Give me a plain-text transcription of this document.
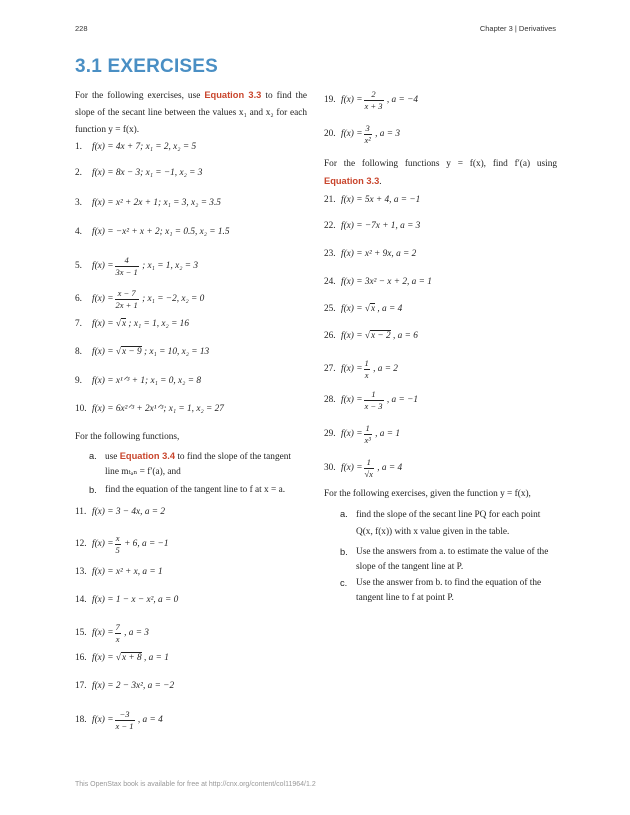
228	Chapter 3 | Derivatives
3.1 EXERCISES
For the following exercises, use Equation 3.3 to find the slope of the secant line between the values x₁ and x₂ for each function y = f(x).
1. f(x) = 4x + 7; x₁ = 2, x₂ = 5
2. f(x) = 8x − 3; x₁ = −1, x₂ = 3
3. f(x) = x² + 2x + 1; x₁ = 3, x₂ = 3.5
4. f(x) = −x² + x + 2; x₁ = 0.5, x₂ = 1.5
5. $f(x) = \frac{4}{3x - 1}$ ; x₁ = 1, x₂ = 3
6. $f(x) = \frac{x - 7}{2x + 1}$ ; x₁ = −2, x₂ = 0
7. f(x) = √x ; x₁ = 1, x₂ = 16
8. f(x) = √x − 9 ; x₁ = 10, x₂ = 13
9. f(x) = x¹ᐟ³ + 1; x₁ = 0, x₂ = 8
10. f(x) = 6x²ᐟ³ + 2x¹ᐟ³; x₁ = 1, x₂ = 27
For the following functions,
a. use Equation 3.4 to find the slope of the tangent line mₜₐₙ = f′(a), and
b. find the equation of the tangent line to f at x = a.
11. f(x) = 3 − 4x, a = 2
12. $f(x) = \frac{x}{5} + 6$, a = −1
13. f(x) = x² + x, a = 1
14. f(x) = 1 − x − x², a = 0
15. $f(x) = \frac{7}{x}$ , a = 3
16. f(x) = √x + 8 , a = 1
17. f(x) = 2 − 3x², a = −2
18. $f(x) = \frac{-3}{x - 1}$ , a = 4
19. $f(x) = \frac{2}{x + 3}$ , a = −4
20. $f(x) = \frac{3}{\text{x²}}$ , a = 3
For the following functions y = f(x), find f′(a) using Equation 3.3.
21. f(x) = 5x + 4, a = −1
22. f(x) = −7x + 1, a = 3
23. f(x) = x² + 9x, a = 2
24. f(x) = 3x² − x + 2, a = 1
25. f(x) = √x , a = 4
26. f(x) = √x − 2 , a = 6
27. $f(x) = \frac{1}{x}$ , a = 2
28. $f(x) = \frac{1}{x - 3}$ , a = −1
29. $f(x) = \frac{1}{\text{x³}}$ , a = 1
30. $f(x) = \frac{1}{√x}$ , a = 4
For the following exercises, given the function y = f(x),
a. find the slope of the secant line PQ for each point Q(x, f(x)) with x value given in the table.
b. Use the answers from a. to estimate the value of the slope of the tangent line at P.
c. Use the answer from b. to find the equation of the tangent line to f at point P.
This OpenStax book is available for free at http://cnx.org/content/col11964/1.2
